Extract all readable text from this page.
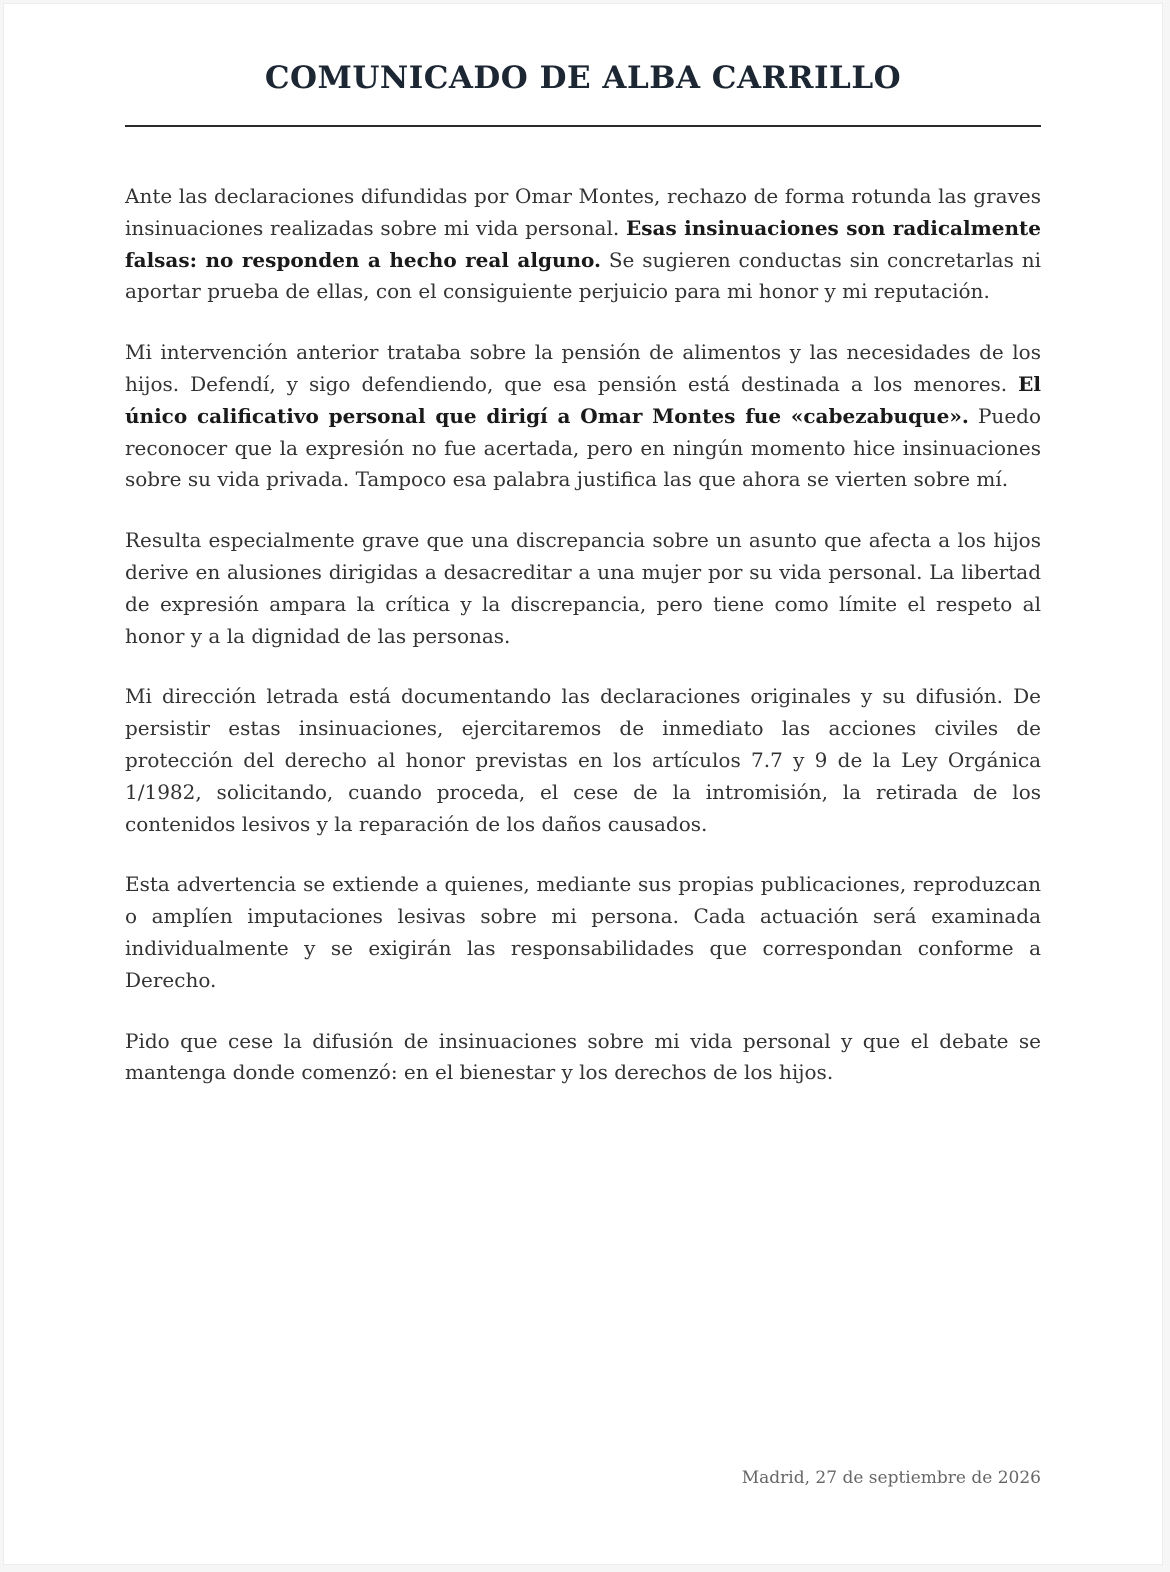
COMUNICADO DE ALBA CARRILLO

Ante las declaraciones difundidas por Omar Montes, rechazo de forma rotunda las graves insinuaciones realizadas sobre mi vida personal. Esas insinuaciones son radicalmente falsas: no responden a hecho real alguno. Se sugieren conductas sin concretarlas ni aportar prueba de ellas, con el consiguiente perjuicio para mi honor y mi reputación.

Mi intervención anterior trataba sobre la pensión de alimentos y las necesidades de los hijos. Defendí, y sigo defendiendo, que esa pensión está destinada a los menores. El único calificativo personal que dirigí a Omar Montes fue «cabezabuque». Puedo reconocer que la expresión no fue acertada, pero en ningún momento hice insinuaciones sobre su vida privada. Tampoco esa palabra justifica las que ahora se vierten sobre mí.

Resulta especialmente grave que una discrepancia sobre un asunto que afecta a los hijos derive en alusiones dirigidas a desacreditar a una mujer por su vida personal. La libertad de expresión ampara la crítica y la discrepancia, pero tiene como límite el respeto al honor y a la dignidad de las personas.

Mi dirección letrada está documentando las declaraciones originales y su difusión. De persistir estas insinuaciones, ejercitaremos de inmediato las acciones civiles de protección del derecho al honor previstas en los artículos 7.7 y 9 de la Ley Orgánica 1/1982, solicitando, cuando proceda, el cese de la intromisión, la retirada de los contenidos lesivos y la reparación de los daños causados.

Esta advertencia se extiende a quienes, mediante sus propias publicaciones, reproduzcan o amplíen imputaciones lesivas sobre mi persona. Cada actuación será examinada individualmente y se exigirán las responsabilidades que correspondan conforme a Derecho.

Pido que cese la difusión de insinuaciones sobre mi vida personal y que el debate se mantenga donde comenzó: en el bienestar y los derechos de los hijos.

Madrid, 27 de septiembre de 2026
